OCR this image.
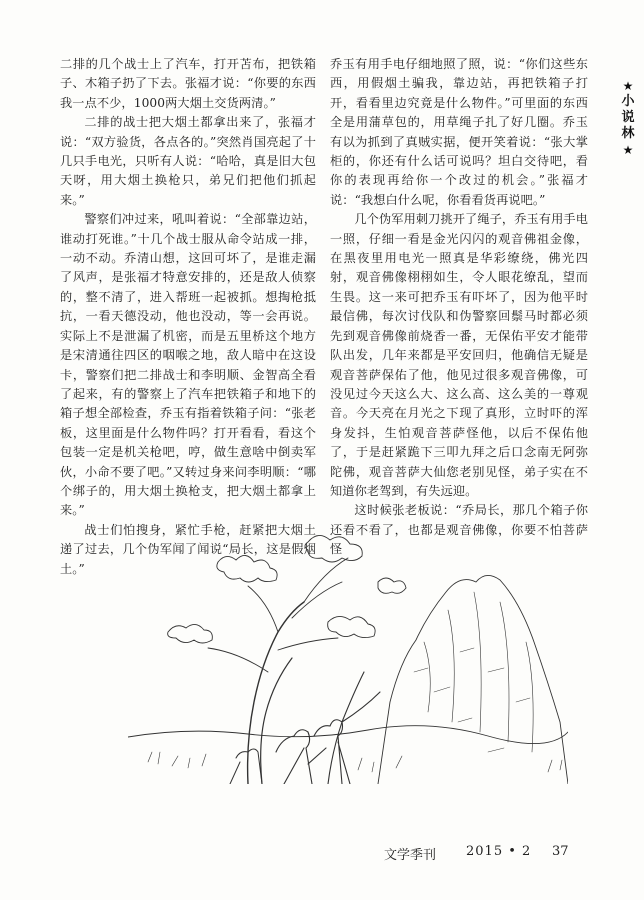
二排的几个战士上了汽车，打开苫布，把铁箱子、木箱子扔了下去。张福才说：“你要的东西我一点不少，1000两大烟土交货两清。”

二排的战士把大烟土都拿出来了，张福才说：“双方验货，各点各的。”突然肖国亮起了十几只手电光，只听有人说：“哈哈，真是旧大包天呀，用大烟土换枪只，弟兄们把他们抓起来。”

警察们冲过来，吼叫着说：“全部靠边站，谁动打死谁。”十几个战士服从命令站成一排，一动不动。乔清山想，这回可坏了，是谁走漏了风声，是张福才特意安排的，还是敌人侦察的，整不清了，进入帮班一起被抓。想掏枪抵抗，一看天德没动，他也没动，等一会再说。实际上不是泄漏了机密，而是五里桥这个地方是宋清通往四区的咽喉之地，敌人暗中在这设卡，警察们把二排战士和李明顺、金智高全看了起来，有的警察上了汽车把铁箱子和地下的箱子想全部检查，乔玉有指着铁箱子问：“张老板，这里面是什么物件吗？打开看看，看这个包装一定是机关枪吧，哼，做生意啥中倒卖军伙，小命不要了吧。”又转过身来问李明顺：“哪个绑子的，用大烟土换枪支，把大烟土都拿上来。”

战士们怕搜身，紧忙手枪，赶紧把大烟土递了过去，几个伪军闻了闻说“局长，这是假烟土。”

乔玉有用手电仔细地照了照，说：“你们这些东西，用假烟土骗我，靠边站，再把铁箱子打开，看看里边究竟是什么物件。”可里面的东西全是用蒲草包的，用草绳子扎了好几圈。乔玉有以为抓到了真贼实据，便开笑着说：“张大掌柜的，你还有什么话可说吗？坦白交待吧，看你的表现再给你一个改过的机会。”张福才说：“我想白什么呢，你看看货再说吧。”

几个伪军用刺刀挑开了绳子，乔玉有用手电一照，仔细一看是金光闪闪的观音佛祖金像，在黑夜里用电光一照真是华彩缭绕，佛光四射，观音佛像栩栩如生，令人眼花缭乱，望而生畏。这一来可把乔玉有吓坏了，因为他平时最信佛，每次讨伐队和伪警察回鬃马时都必须先到观音佛像前烧香一番，无保佑平安才能带队出发，几年来都是平安回归，他确信无疑是观音菩萨保佑了他，他见过很多观音佛像，可没见过今天这么大、这么高、这么美的一尊观音。今天亮在月光之下现了真形，立时吓的浑身发抖，生怕观音菩萨怪他，以后不保佑他了，于是赶紧跪下三叩九拜之后口念南无阿弥陀佛，观音菩萨大仙您老别见怪，弟子实在不知道你老驾到，有失远迎。

这时候张老板说：“乔局长，那几个箱子你还看不看了，也都是观音佛像，你要不怕菩萨怪

★
小说林
★
文学季刊 2015 • 2 37
